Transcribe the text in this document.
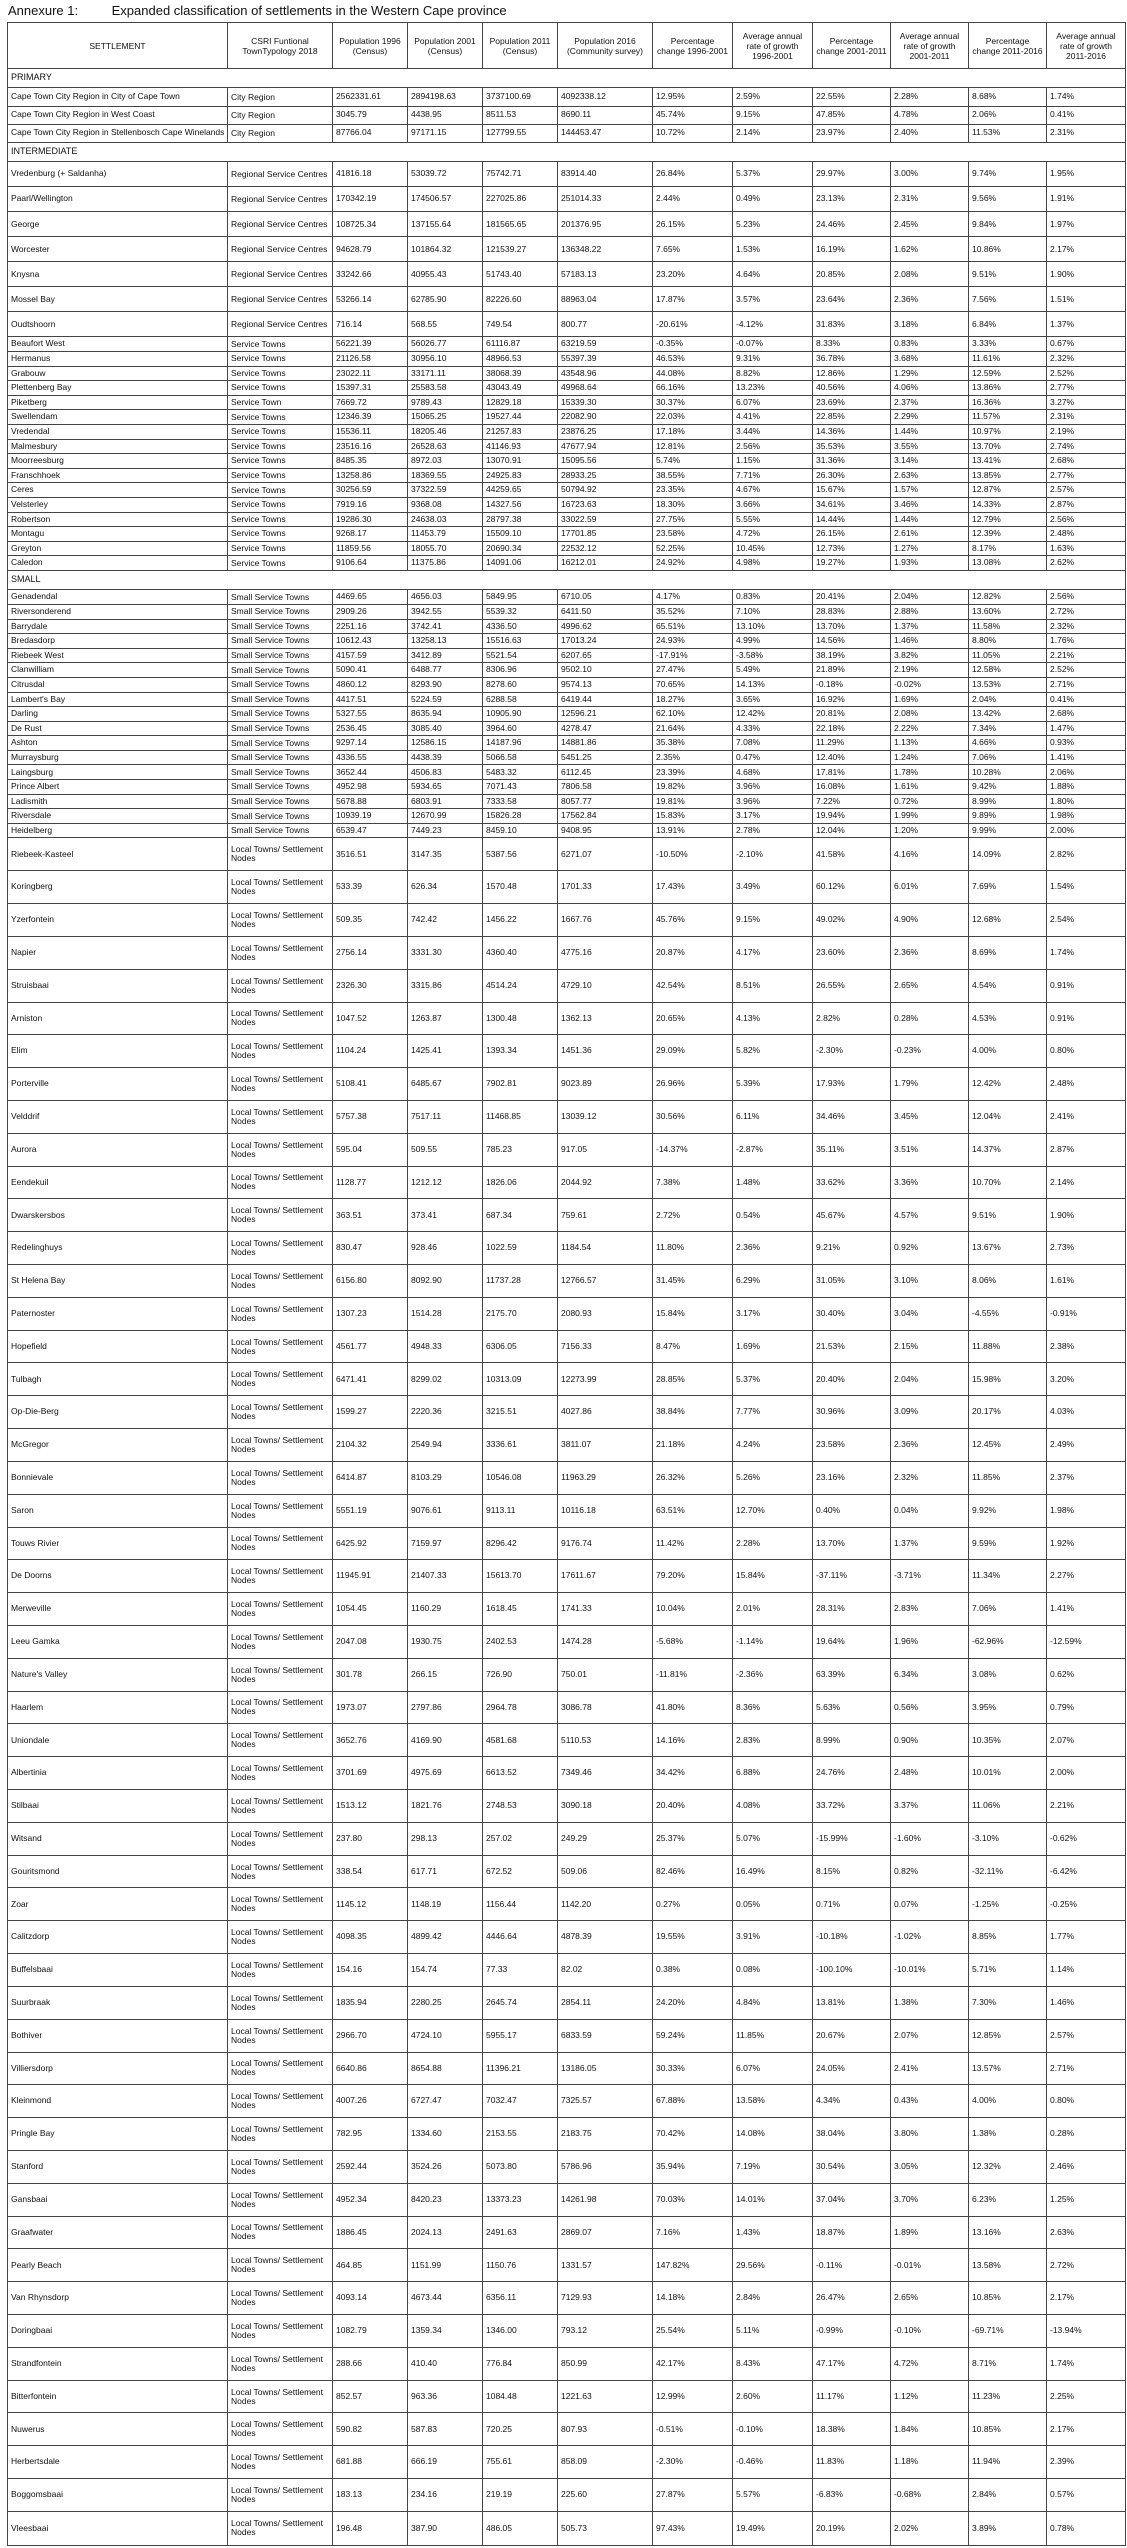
Annexure 1:	Expanded classification of settlements in the Western Cape province
SETTLEMENT	CSRI Funtional TownTypology 2018	Population 1996 (Census)	Population 2001 (Census)	Population 2011 (Census)	Population 2016 (Community survey)	Percentage change 1996-2001	Average annual rate of growth 1996-2001	Percentage change 2001-2011	Average annual rate of growth 2001-2011	Percentage change 2011-2016	Average annual rate of growth 2011-2016
PRIMARY											
Cape Town City Region in City of Cape Town	City Region	2562331.61	2894198.63	3737100.69	4092338.12	12.95%	2.59%	22.55%	2.28%	8.68%	1.74%
Cape Town City Region in West Coast	City Region	3045.79	4438.95	8511.53	8690.11	45.74%	9.15%	47.85%	4.78%	2.06%	0.41%
Cape Town City Region in Stellenbosch Cape Winelands	City Region	87766.04	97171.15	127799.55	144453.47	10.72%	2.14%	23.97%	2.40%	11.53%	2.31%
INTERMEDIATE											
Vredenburg (+ Saldanha)	Regional Service Centres	41816.18	53039.72	75742.71	83914.40	26.84%	5.37%	29.97%	3.00%	9.74%	1.95%
Paarl/Wellington	Regional Service Centres	170342.19	174506.57	227025.86	251014.33	2.44%	0.49%	23.13%	2.31%	9.56%	1.91%
George	Regional Service Centres	108725.34	137155.64	181565.65	201376.95	26.15%	5.23%	24.46%	2.45%	9.84%	1.97%
Worcester	Regional Service Centres	94628.79	101864.32	121539.27	136348.22	7.65%	1.53%	16.19%	1.62%	10.86%	2.17%
Knysna	Regional Service Centres	33242.66	40955.43	51743.40	57183.13	23.20%	4.64%	20.85%	2.08%	9.51%	1.90%
Mossel Bay	Regional Service Centres	53266.14	62785.90	82226.60	88963.04	17.87%	3.57%	23.64%	2.36%	7.56%	1.51%
Oudtshoorn	Regional Service Centres	716.14	568.55	749.54	800.77	-20.61%	-4.12%	31.83%	3.18%	6.84%	1.37%
Beaufort West	Service Towns	56221.39	56026.77	61116.87	63219.59	-0.35%	-0.07%	8.33%	0.83%	3.33%	0.67%
Hermanus	Service Towns	21126.58	30956.10	48966.53	55397.39	46.53%	9.31%	36.78%	3.68%	11.61%	2.32%
Grabouw	Service Towns	23022.11	33171.11	38068.39	43548.96	44.08%	8.82%	12.86%	1.29%	12.59%	2.52%
Plettenberg Bay	Service Towns	15397.31	25583.58	43043.49	49968.64	66.16%	13.23%	40.56%	4.06%	13.86%	2.77%
Piketberg	Service Town	7669.72	9789.43	12829.18	15339.30	30.37%	6.07%	23.69%	2.37%	16.36%	3.27%
Swellendam	Service Towns	12346.39	15065.25	19527.44	22082.90	22.03%	4.41%	22.85%	2.29%	11.57%	2.31%
Vredendal	Service Towns	15536.11	18205.46	21257.83	23876.25	17.18%	3.44%	14.36%	1.44%	10.97%	2.19%
Malmesbury	Service Towns	23516.16	26528.63	41146.93	47677.94	12.81%	2.56%	35.53%	3.55%	13.70%	2.74%
Moorreesburg	Service Towns	8485.35	8972.03	13070.91	15095.56	5.74%	1.15%	31.36%	3.14%	13.41%	2.68%
Franschhoek	Service Towns	13258.86	18369.55	24925.83	28933.25	38.55%	7.71%	26.30%	2.63%	13.85%	2.77%
Ceres	Service Towns	30256.59	37322.59	44259.65	50794.92	23.35%	4.67%	15.67%	1.57%	12.87%	2.57%
Velsterley	Service Towns	7919.16	9368.08	14327.56	16723.63	18.30%	3.66%	34.61%	3.46%	14.33%	2.87%
Robertson	Service Towns	19286.30	24638.03	28797.38	33022.59	27.75%	5.55%	14.44%	1.44%	12.79%	2.56%
Montagu	Service Towns	9268.17	11453.79	15509.10	17701.85	23.58%	4.72%	26.15%	2.61%	12.39%	2.48%
Greyton	Service Towns	11859.56	18055.70	20690.34	22532.12	52.25%	10.45%	12.73%	1.27%	8.17%	1.63%
Caledon	Service Towns	9106.64	11375.86	14091.06	16212.01	24.92%	4.98%	19.27%	1.93%	13.08%	2.62%
SMALL											
Genadendal	Small Service Towns	4469.65	4656.03	5849.95	6710.05	4.17%	0.83%	20.41%	2.04%	12.82%	2.56%
Riversonderend	Small Service Towns	2909.26	3942.55	5539.32	6411.50	35.52%	7.10%	28.83%	2.88%	13.60%	2.72%
Barrydale	Small Service Towns	2251.16	3742.41	4336.50	4996.62	65.51%	13.10%	13.70%	1.37%	11.58%	2.32%
Bredasdorp	Small Service Towns	10612.43	13258.13	15516.63	17013.24	24.93%	4.99%	14.56%	1.46%	8.80%	1.76%
Riebeek West	Small Service Towns	4157.59	3412.89	5521.54	6207.65	-17.91%	-3.58%	38.19%	3.82%	11.05%	2.21%
Clanwilliam	Small Service Towns	5090.41	6488.77	8306.96	9502.10	27.47%	5.49%	21.89%	2.19%	12.58%	2.52%
Citrusdal	Small Service Towns	4860.12	8293.90	8278.60	9574.13	70.65%	14.13%	-0.18%	-0.02%	13.53%	2.71%
Lambert's Bay	Small Service Towns	4417.51	5224.59	6288.58	6419.44	18.27%	3.65%	16.92%	1.69%	2.04%	0.41%
Darling	Small Service Towns	5327.55	8635.94	10905.90	12596.21	62.10%	12.42%	20.81%	2.08%	13.42%	2.68%
De Rust	Small Service Towns	2536.45	3085.40	3964.60	4278.47	21.64%	4.33%	22.18%	2.22%	7.34%	1.47%
Ashton	Small Service Towns	9297.14	12586.15	14187.96	14881.86	35.38%	7.08%	11.29%	1.13%	4.66%	0.93%
Murraysburg	Small Service Towns	4336.55	4438.39	5066.58	5451.25	2.35%	0.47%	12.40%	1.24%	7.06%	1.41%
Laingsburg	Small Service Towns	3652.44	4506.83	5483.32	6112.45	23.39%	4.68%	17.81%	1.78%	10.28%	2.06%
Prince Albert	Small Service Towns	4952.98	5934.65	7071.43	7806.58	19.82%	3.96%	16.08%	1.61%	9.42%	1.88%
Ladismith	Small Service Towns	5678.88	6803.91	7333.58	8057.77	19.81%	3.96%	7.22%	0.72%	8.99%	1.80%
Riversdale	Small Service Towns	10939.19	12670.99	15826.28	17562.84	15.83%	3.17%	19.94%	1.99%	9.89%	1.98%
Heidelberg	Small Service Towns	6539.47	7449.23	8459.10	9408.95	13.91%	2.78%	12.04%	1.20%	9.99%	2.00%
Riebeek-Kasteel	Local Towns/ Settlement Nodes	3516.51	3147.35	5387.56	6271.07	-10.50%	-2.10%	41.58%	4.16%	14.09%	2.82%
Koringberg	Local Towns/ Settlement Nodes	533.39	626.34	1570.48	1701.33	17.43%	3.49%	60.12%	6.01%	7.69%	1.54%
Yzerfontein	Local Towns/ Settlement Nodes	509.35	742.42	1456.22	1667.76	45.76%	9.15%	49.02%	4.90%	12.68%	2.54%
Napier	Local Towns/ Settlement Nodes	2756.14	3331.30	4360.40	4775.16	20.87%	4.17%	23.60%	2.36%	8.69%	1.74%
Struisbaai	Local Towns/ Settlement Nodes	2326.30	3315.86	4514.24	4729.10	42.54%	8.51%	26.55%	2.65%	4.54%	0.91%
Arniston	Local Towns/ Settlement Nodes	1047.52	1263.87	1300.48	1362.13	20.65%	4.13%	2.82%	0.28%	4.53%	0.91%
Elim	Local Towns/ Settlement Nodes	1104.24	1425.41	1393.34	1451.36	29.09%	5.82%	-2.30%	-0.23%	4.00%	0.80%
Porterville	Local Towns/ Settlement Nodes	5108.41	6485.67	7902.81	9023.89	26.96%	5.39%	17.93%	1.79%	12.42%	2.48%
Velddrif	Local Towns/ Settlement Nodes	5757.38	7517.11	11468.85	13039.12	30.56%	6.11%	34.46%	3.45%	12.04%	2.41%
Aurora	Local Towns/ Settlement Nodes	595.04	509.55	785.23	917.05	-14.37%	-2.87%	35.11%	3.51%	14.37%	2.87%
Eendekuil	Local Towns/ Settlement Nodes	1128.77	1212.12	1826.06	2044.92	7.38%	1.48%	33.62%	3.36%	10.70%	2.14%
Dwarskersbos	Local Towns/ Settlement Nodes	363.51	373.41	687.34	759.61	2.72%	0.54%	45.67%	4.57%	9.51%	1.90%
Redelinghuys	Local Towns/ Settlement Nodes	830.47	928.46	1022.59	1184.54	11.80%	2.36%	9.21%	0.92%	13.67%	2.73%
St Helena Bay	Local Towns/ Settlement Nodes	6156.80	8092.90	11737.28	12766.57	31.45%	6.29%	31.05%	3.10%	8.06%	1.61%
Paternoster	Local Towns/ Settlement Nodes	1307.23	1514.28	2175.70	2080.93	15.84%	3.17%	30.40%	3.04%	-4.55%	-0.91%
Hopefield	Local Towns/ Settlement Nodes	4561.77	4948.33	6306.05	7156.33	8.47%	1.69%	21.53%	2.15%	11.88%	2.38%
Tulbagh	Local Towns/ Settlement Nodes	6471.41	8299.02	10313.09	12273.99	28.85%	5.37%	20.40%	2.04%	15.98%	3.20%
Op-Die-Berg	Local Towns/ Settlement Nodes	1599.27	2220.36	3215.51	4027.86	38.84%	7.77%	30.96%	3.09%	20.17%	4.03%
McGregor	Local Towns/ Settlement Nodes	2104.32	2549.94	3336.61	3811.07	21.18%	4.24%	23.58%	2.36%	12.45%	2.49%
Bonnievale	Local Towns/ Settlement Nodes	6414.87	8103.29	10546.08	11963.29	26.32%	5.26%	23.16%	2.32%	11.85%	2.37%
Saron	Local Towns/ Settlement Nodes	5551.19	9076.61	9113.11	10116.18	63.51%	12.70%	0.40%	0.04%	9.92%	1.98%
Touws Rivier	Local Towns/ Settlement Nodes	6425.92	7159.97	8296.42	9176.74	11.42%	2.28%	13.70%	1.37%	9.59%	1.92%
De Doorns	Local Towns/ Settlement Nodes	11945.91	21407.33	15613.70	17611.67	79.20%	15.84%	-37.11%	-3.71%	11.34%	2.27%
Merweville	Local Towns/ Settlement Nodes	1054.45	1160.29	1618.45	1741.33	10.04%	2.01%	28.31%	2.83%	7.06%	1.41%
Leeu Gamka	Local Towns/ Settlement Nodes	2047.08	1930.75	2402.53	1474.28	-5.68%	-1.14%	19.64%	1.96%	-62.96%	-12.59%
Nature's Valley	Local Towns/ Settlement Nodes	301.78	266.15	726.90	750.01	-11.81%	-2.36%	63.39%	6.34%	3.08%	0.62%
Haarlem	Local Towns/ Settlement Nodes	1973.07	2797.86	2964.78	3086.78	41.80%	8.36%	5.63%	0.56%	3.95%	0.79%
Uniondale	Local Towns/ Settlement Nodes	3652.76	4169.90	4581.68	5110.53	14.16%	2.83%	8.99%	0.90%	10.35%	2.07%
Albertinia	Local Towns/ Settlement Nodes	3701.69	4975.69	6613.52	7349.46	34.42%	6.88%	24.76%	2.48%	10.01%	2.00%
Stilbaai	Local Towns/ Settlement Nodes	1513.12	1821.76	2748.53	3090.18	20.40%	4.08%	33.72%	3.37%	11.06%	2.21%
Witsand	Local Towns/ Settlement Nodes	237.80	298.13	257.02	249.29	25.37%	5.07%	-15.99%	-1.60%	-3.10%	-0.62%
Gouritsmond	Local Towns/ Settlement Nodes	338.54	617.71	672.52	509.06	82.46%	16.49%	8.15%	0.82%	-32.11%	-6.42%
Zoar	Local Towns/ Settlement Nodes	1145.12	1148.19	1156.44	1142.20	0.27%	0.05%	0.71%	0.07%	-1.25%	-0.25%
Calitzdorp	Local Towns/ Settlement Nodes	4098.35	4899.42	4446.64	4878.39	19.55%	3.91%	-10.18%	-1.02%	8.85%	1.77%
Buffelsbaai	Local Towns/ Settlement Nodes	154.16	154.74	77.33	82.02	0.38%	0.08%	-100.10%	-10.01%	5.71%	1.14%
Suurbraak	Local Towns/ Settlement Nodes	1835.94	2280.25	2645.74	2854.11	24.20%	4.84%	13.81%	1.38%	7.30%	1.46%
Bothiver	Local Towns/ Settlement Nodes	2966.70	4724.10	5955.17	6833.59	59.24%	11.85%	20.67%	2.07%	12.85%	2.57%
Villiersdorp	Local Towns/ Settlement Nodes	6640.86	8654.88	11396.21	13186.05	30.33%	6.07%	24.05%	2.41%	13.57%	2.71%
Kleinmond	Local Towns/ Settlement Nodes	4007.26	6727.47	7032.47	7325.57	67.88%	13.58%	4.34%	0.43%	4.00%	0.80%
Pringle Bay	Local Towns/ Settlement Nodes	782.95	1334.60	2153.55	2183.75	70.42%	14.08%	38.04%	3.80%	1.38%	0.28%
Stanford	Local Towns/ Settlement Nodes	2592.44	3524.26	5073.80	5786.96	35.94%	7.19%	30.54%	3.05%	12.32%	2.46%
Gansbaai	Local Towns/ Settlement Nodes	4952.34	8420.23	13373.23	14261.98	70.03%	14.01%	37.04%	3.70%	6.23%	1.25%
Graafwater	Local Towns/ Settlement Nodes	1886.45	2024.13	2491.63	2869.07	7.16%	1.43%	18.87%	1.89%	13.16%	2.63%
Pearly Beach	Local Towns/ Settlement Nodes	464.85	1151.99	1150.76	1331.57	147.82%	29.56%	-0.11%	-0.01%	13.58%	2.72%
Van Rhynsdorp	Local Towns/ Settlement Nodes	4093.14	4673.44	6356.11	7129.93	14.18%	2.84%	26.47%	2.65%	10.85%	2.17%
Doringbaai	Local Towns/ Settlement Nodes	1082.79	1359.34	1346.00	793.12	25.54%	5.11%	-0.99%	-0.10%	-69.71%	-13.94%
Strandfontein	Local Towns/ Settlement Nodes	288.66	410.40	776.84	850.99	42.17%	8.43%	47.17%	4.72%	8.71%	1.74%
Bitterfontein	Local Towns/ Settlement Nodes	852.57	963.36	1084.48	1221.63	12.99%	2.60%	11.17%	1.12%	11.23%	2.25%
Nuwerus	Local Towns/ Settlement Nodes	590.82	587.83	720.25	807.93	-0.51%	-0.10%	18.38%	1.84%	10.85%	2.17%
Herbertsdale	Local Towns/ Settlement Nodes	681.88	666.19	755.61	858.09	-2.30%	-0.46%	11.83%	1.18%	11.94%	2.39%
Boggomsbaai	Local Towns/ Settlement Nodes	183.13	234.16	219.19	225.60	27.87%	5.57%	-6.83%	-0.68%	2.84%	0.57%
Vleesbaai	Local Towns/ Settlement Nodes	196.48	387.90	486.05	505.73	97.43%	19.49%	20.19%	2.02%	3.89%	0.78%
